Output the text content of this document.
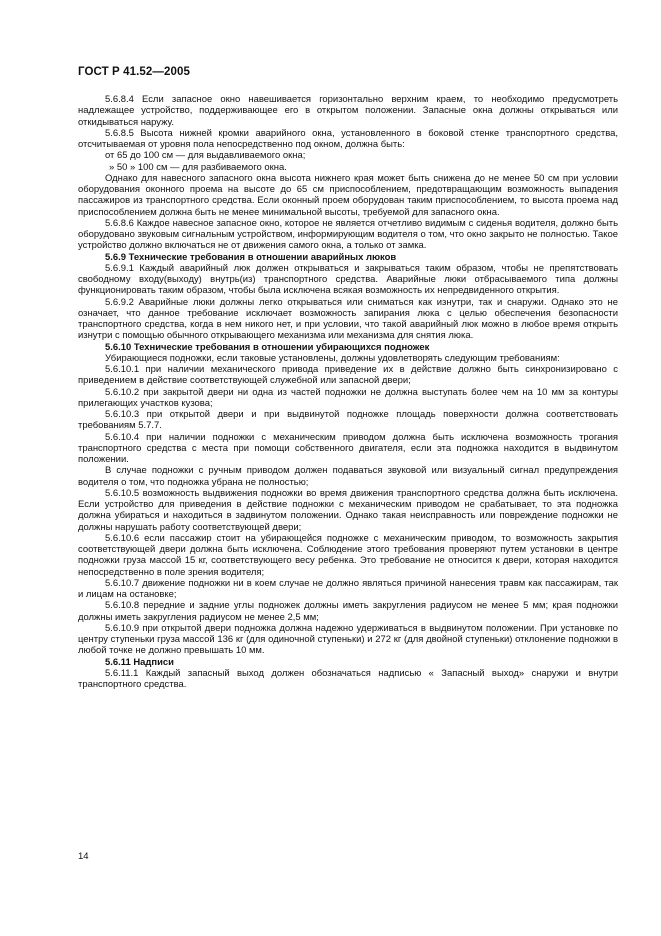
ГОСТ Р 41.52—2005

5.6.8.4 Если запасное окно навешивается горизонтально верхним краем, то необходимо предусмотреть надлежащее устройство, поддерживающее его в открытом положении. Запасные окна должны открываться или откидываться наружу.

5.6.8.5 Высота нижней кромки аварийного окна, установленного в боковой стенке транспортного средства, отсчитываемая от уровня пола непосредственно под окном, должна быть:

от 65 до 100 см — для выдавливаемого окна;

» 50 » 100 см — для разбиваемого окна.

Однако для навесного запасного окна высота нижнего края может быть снижена до не менее 50 см при условии оборудования оконного проема на высоте до 65 см приспособлением, предотвращающим возможность выпадения пассажиров из транспортного средства. Если оконный проем оборудован таким приспособлением, то высота проема над приспособлением должна быть не менее минимальной высоты, требуемой для запасного окна.

5.6.8.6 Каждое навесное запасное окно, которое не является отчетливо видимым с сиденья водителя, должно быть оборудовано звуковым сигнальным устройством, информирующим водителя о том, что окно закрыто не полностью. Такое устройство должно включаться не от движения самого окна, а только от замка.

5.6.9 Технические требования в отношении аварийных люков

5.6.9.1 Каждый аварийный люк должен открываться и закрываться таким образом, чтобы не препятствовать свободному входу(выходу) внутрь(из) транспортного средства. Аварийные люки отбрасываемого типа должны функционировать таким образом, чтобы была исключена всякая возможность их непредвиденного открытия.

5.6.9.2 Аварийные люки должны легко открываться или сниматься как изнутри, так и снаружи. Однако это не означает, что данное требование исключает возможность запирания люка с целью обеспечения безопасности транспортного средства, когда в нем никого нет, и при условии, что такой аварийный люк можно в любое время открыть изнутри с помощью обычного открывающего механизма или механизма для снятия люка.

5.6.10 Технические требования в отношении убирающихся подножек

Убирающиеся подножки, если таковые установлены, должны удовлетворять следующим требованиям:

5.6.10.1 при наличии механического привода приведение их в действие должно быть синхронизировано с приведением в действие соответствующей служебной или запасной двери;

5.6.10.2 при закрытой двери ни одна из частей подножки не должна выступать более чем на 10 мм за контуры прилегающих участков кузова;

5.6.10.3 при открытой двери и при выдвинутой подножке площадь поверхности должна соответствовать требованиям 5.7.7.

5.6.10.4 при наличии подножки с механическим приводом должна быть исключена возможность трогания транспортного средства с места при помощи собственного двигателя, если эта подножка находится в выдвинутом положении.

В случае подножки с ручным приводом должен подаваться звуковой или визуальный сигнал предупреждения водителя о том, что подножка убрана не полностью;

5.6.10.5 возможность выдвижения подножки во время движения транспортного средства должна быть исключена. Если устройство для приведения в действие подножки с механическим приводом не срабатывает, то эта подножка должна убираться и находиться в задвинутом положении. Однако такая неисправность или повреждение подножки не должны нарушать работу соответствующей двери;

5.6.10.6 если пассажир стоит на убирающейся подножке с механическим приводом, то возможность закрытия соответствующей двери должна быть исключена. Соблюдение этого требования проверяют путем установки в центре подножки груза массой 15 кг, соответствующего весу ребенка. Это требование не относится к двери, которая находится непосредственно в поле зрения водителя;

5.6.10.7 движение подножки ни в коем случае не должно являться причиной нанесения травм как пассажирам, так и лицам на остановке;

5.6.10.8 передние и задние углы подножек должны иметь закругления радиусом не менее 5 мм; края подножки должны иметь закругления радиусом не менее 2,5 мм;

5.6.10.9 при открытой двери подножка должна надежно удерживаться в выдвинутом положении. При установке по центру ступеньки груза массой 136 кг (для одиночной ступеньки) и 272 кг (для двойной ступеньки) отклонение подножки в любой точке не должно превышать 10 мм.

5.6.11 Надписи

5.6.11.1 Каждый запасный выход должен обозначаться надписью « Запасный выход» снаружи и внутри транспортного средства.

14
